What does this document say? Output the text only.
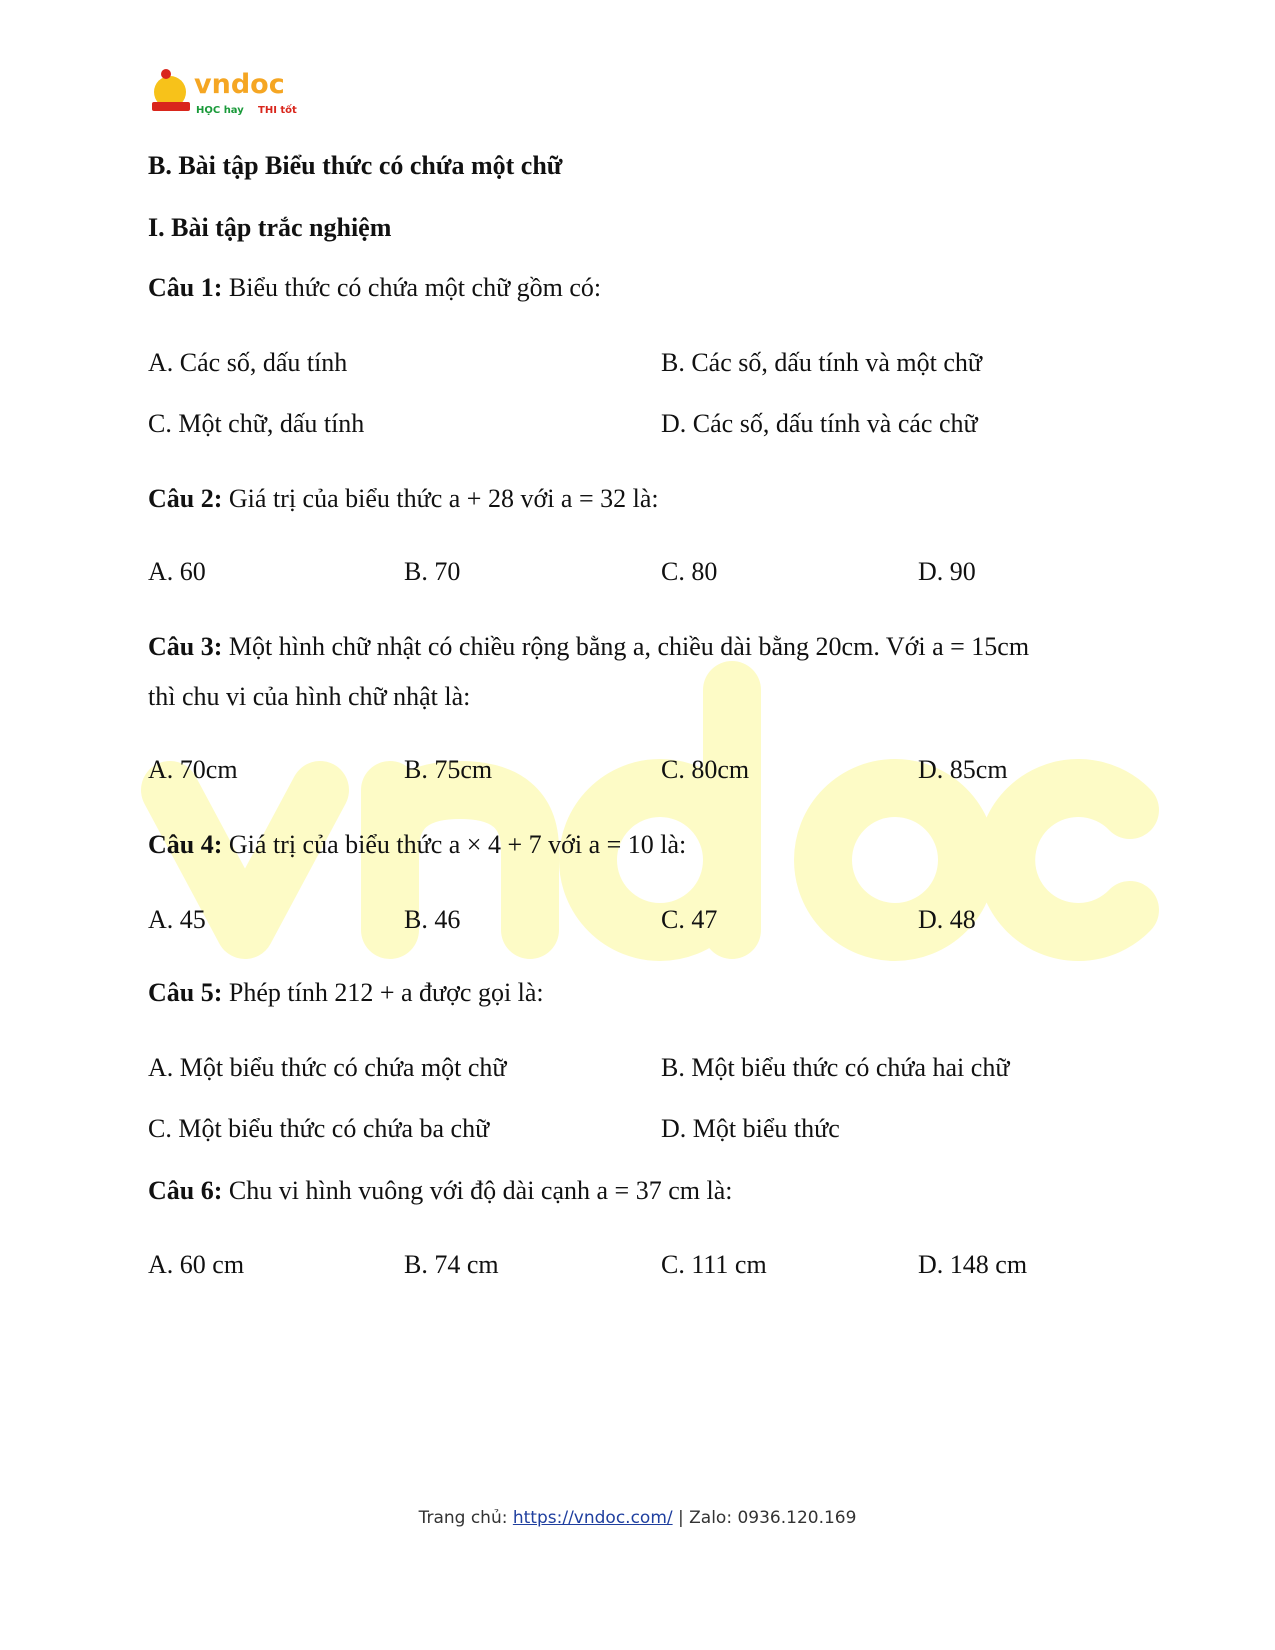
vndoc
HỌC hay THI tốt
B. Bài tập Biểu thức có chứa một chữ
I. Bài tập trắc nghiệm
Câu 1: Biểu thức có chứa một chữ gồm có:
A. Các số, dấu tính	B. Các số, dấu tính và một chữ
C. Một chữ, dấu tính	D. Các số, dấu tính và các chữ
Câu 2: Giá trị của biểu thức a + 28 với a = 32 là:
A. 60	B. 70	C. 80	D. 90
Câu 3: Một hình chữ nhật có chiều rộng bằng a, chiều dài bằng 20cm. Với a = 15cm
thì chu vi của hình chữ nhật là:
A. 70cm	B. 75cm	C. 80cm	D. 85cm
Câu 4: Giá trị của biểu thức a × 4 + 7 với a = 10 là:
A. 45	B. 46	C. 47	D. 48
Câu 5: Phép tính 212 + a được gọi là:
A. Một biểu thức có chứa một chữ	B. Một biểu thức có chứa hai chữ
C. Một biểu thức có chứa ba chữ	D. Một biểu thức
Câu 6: Chu vi hình vuông với độ dài cạnh a = 37 cm là:
A. 60 cm	B. 74 cm	C. 111 cm	D. 148 cm
Trang chủ: https://vndoc.com/ | Zalo: 0936.120.169
